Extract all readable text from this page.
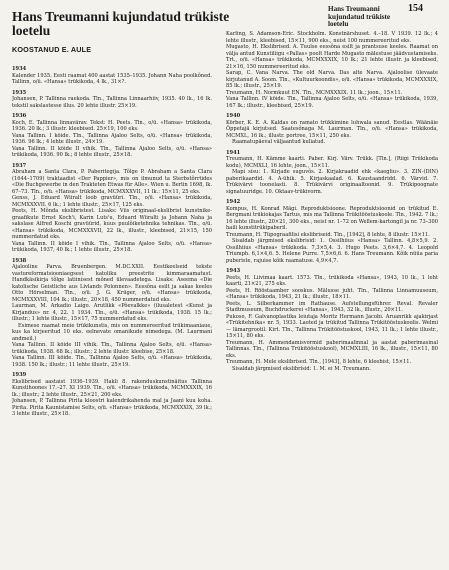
Hans Treumanni kujundatud trükiste loetelu
Hans Treumanni kujundatud trükiste loetelu
154
KOOSTANUD E. AULE
1934
Kalender 1935. Eesti raamat 400 aastat 1535–1935. Johann Naha poolkõned. Tallinn, o/ü. «Hansa» trükikoda, 4 lk., 31×?.
1935
Johansen, P. Tallinna raekoda. Tln., Tallinna Linnaarhiiv, 1935. 40 lk., 16 lk. tekstil sakslastesse illus. 20 lehte illustr. 25×19.
1936
Koch, E. Tallinna linnavärav. Tekst: H. Peets. Tln., o/ü. «Hansa» trükikoda, 1936. 20 lk.; 3 illustr. kleebised. 25×19, 100 eks.
Vana Tallinn. I köide. Tln., Tallinna Ajaloo Selts, o/ü. «Hansa» trükikoda, 1936. 96 lk.; 4 lehte illustr., 24×19.
Vana Tallinn. II köide II vihik. Tln., Tallinna Ajaloo Selts, o/ü. «Hansa» trükikoda, 1936. 90 lk.; 8 lehte illustr., 25×18.
1937
Abraham a Santa Clara, P. Paberitegija. Tõlge P. Abraham a Santa Clara (1644–1709) traktaadist «Der Pappier», mis on ilmunud ta Sterbstõrrtides «Die Buchgewerbe in den Trakteten Etwas für Alle». Wien u. Berlin 1698, lk. 67–73. Tln., o/ü. «Hansa» trükikoda, MCMXXXVII, 11 lk.: 15×11, 25 eks.
Genss, J. Eduard Wiiralt loob gravüüri. Tln., o/ü. «Hansa» trükikoda, MCMXXXVII. 6 lk.; 1 lehte illustr., 25×17, 125 eks.
Peets, H. Mõnda ekslibristest. Lisaks: Viis originaal-ekslibrist kunstnike-graafikute Ernst Koch'i, Karin Luts'u, Eduard Wiiralti ja Johann Naha ja sakslase Alfred Koschi gravüürid, kuus puulõiketehnika tehnikas. Tln., o/ü. «Hansa» trükikoda, MCMXXXVII, 22 lk., illustr., kleebised, 21×15, 150 nummerdatud eks.
Vana Tallinn. II köide I vihik. Tln., Tallinna Ajaloo Selts, o/ü. «Hansa» trükikoda, 1937, 40 lk.; 1 lehte illustr., 25×18.
1938
Ajalooline Parva. Bruenbergen. M.DC.XXII. Eestikeelseid tekste vastureformatsiooniaegsest katoliku preestrite kimmaraamatust. Handkäsikirja tõlge latiinisest mõned ülevaadetega. Lisaks: Aseema «Die katolische Geistliche aus Livlands Polonnen». Eessõna esilt ja sakas keeles Otto Hörselman. Tln., o/ü. J. G. Krüger, o/ü. «Hansa» trükikoda, MCMXXXVIII, 104 lk.; illustr., 20×18, 450 nummerdatud eks.
Laurman, M. Arkadio Laigo. Arutlikk «Põevalkke» (ilusaletest «Kunst ja Kirjandus» nr. 4, 22. 1 1934. Tln., o/ü. «Hansa» trükikoda, 1938. 15 lk.; illustr.; 1 lehte illustr., 15×17, 75 nummerdatud eks.
Esimese raamat meie trükikunstis, mis on nummereeritud trükimaaniaue, kus ka kirjeeritud 10 eks. eelnevate omanikude nimedega. (M. Laurmani andmeil.)
Vana Tallinn. II köide III vihik. Tln., Tallinna Ajaloo Selts, o/ü. «Hansa» trükikoda, 1938. 68 lk.; illustr.; 2 lehte illustr. kleebise, 25×18.
Vana Tallinn. III köide. Tln., Tallinna Ajaloo Selts, o/ü. «Hansa» trükikoda, 1938. 150 lk.; illustr.; 11 lehte illustr., 25×19.
1939
Ekslibrised aastaist 1936–1939. Hakli 8. rakenduskunstinäitus Tallinna Kunstihoones 17.–27. XI 1939. Tln., o/ü. «Hansa» trükikoda, MCMXXXIX, 16 lk.; illustr.; 2 lehte illustr., 25×21, 200 eks.
Johansen, P. Tallinna Pirita kloostri kalendrikahenda mal ja Jaani kuu koha. Pirita. Pirita Kaunistamise Selts, o/ü. «Hansa» trükikoda, MCMXXXIX, 39 lk.; 3 lehte illustr., 25×18.
Karling, S. Adamson-Eric. Stockholm. Konstnärshuset. 4.–18. V 1939. 12 lk.; 4 lehte illustr., kleebised, 15×11, 900 eks., neist 100 nummereeritud eks.
Mugasto, H. Ekslibrised. A. Tuulse eessõna esilt ja prantsuse keeles. Raamat on välja antud Kunstiliigu «Pallas» poolt Harde Mugasto mälestuse jäädvustamiseks. Trt., o/ü. «Hansa» trükikoda, MCMXXXIX, 10 lk.; 21 lehte illustr. ja kleebised, 21×16, 150 nummereeritud eks.
Sarap, C. Vana Narva. The old Narva. Das alte Narva. Ajaloolise ülevaate kirjutanud A. Soom. Tln., «Kultuurkoondis», o/ü. «Hansa» trükikoda, MCMXXXIX, 85 lk.; illustr., 25×19.
Treumann, H. Normkuut EN. Tln., MCMXXXIX. 11 lk.; joon., 15×11.
Vana Tallinn. IV köide. Tln., Tallinna Ajaloo Selts, o/ü. «Hansa» trükikoda, 1939, 167 lk.; illustr., kleebised, 25×19.
1940
Körber, K. E. A. Kaldas on ramato trükkimine luhwala sanud. Eestlas. Wäänäie Öppetajä kirjutsed. Saatesõnaga M. Laurman. Tln., o/ü. «Hansa» trükikoda, MCMXL, 16 lk.; illustr. portree, 15×11, 250 eks.
Raamatupäeval väljaantud kuliatud.
1941
Treumann, H. Kämme kaarti. Paber. Kirj. Värv. Trükk. [Tln.], (Riigi Trükikoda kodu), MCMXLI, 16 lehte, joon., 15×11.
Mapi sisu: 1. Kirjade suguvõs. 2. Kirjakraadid ehk «kaegliu». 3. ZIN-(DIN) paberikaardid. 4. A-ühik. 5. Kirjaskaalad. 6. Kaustaandridd. 6. Värvid. 7. Trükivärvi toonelasti. 8. Trükivärvi originaaltoonid. 9. Trükipoognate signatuuridge. 10. Oktaav-trükivorm.
1942
Kompus, H. Konrad Mägi. Reproduktsioone. Reproduktsioonid on trükitud E. Bergmani trükiokajas Tartus, mis ma Tallinna Trükitööstuskoole. Tln., 1942. 7 lk.; 16 lehte illustr., 20×21, 300 eks., neist nr. 1–72 on Wellem-kartongil ja nr. 73–300 haili kunstitrükipaberil.
Treumann, H. Tüpograafilisi ekslibriseid. Tln., [1942], 8 lehte, 8 illustr. 15×11.
Sisaldab järgmised ekslibrisid: 1. Ossilhiius «Hansa» Tallinn. 4,8×5,9. 2. Ossilhiius «Hansa» trükikoda. 7,3×5,4. 3. Hugo Peets. 3,6×4,7. 4. Leopold Triumph. 6,1×4,6. 5. Helene Purre. 7,5×6,6. 6. Hans Treumann. Kõik nüüa paria puberiste, rajuise kõik raamatuse. 4,9×4,7.
1943
Peets, H. Liivimaa kaart. 1573. Tln., trükikoda «Hansa», 1943, 10 lk., 1 leht kaarti, 21×21, 275 eks.
Peets, H. Rööstaamber sooskus. Mälusse juht. Tln., Tallinna Linnamuuseum, «Hansa» trükikoda, 1943, 21 lk.; illustr., 18×11.
Peets, L. Silberkammer im Rathause. Aufstellungsführer. Reval. Revaler Stadtmuseum, Buchdruckerei «Hansa», 1943, 32 lk., illustr., 20×11.
Pukoso, F. Galvanoplastika leiutaja Moritz Hermann Jacobi. Aruanrikk ajakirjast «Trükitehnika» nr. 5, 1933. Laoted ja trükitud Tallinna Trükitööstuskoolis. Welmi — lämargrootil. Kirt. Tln., Tallinna Trükitööstuskool, 1943, 11 lk.; 1 lehte illustr., 15×11, 80 eks.
Treumann, H. Ammendamisvormid paberimaalinnal ja aastat paberimasinal Tallinnas. Tln., (Tallinna Trükitööstuskool), MCMXLIII, 16 lk., illustr., 15×11, 80 eks.
Treumann, H. Mele ekslibrised. Tln., [1943], 8 lehte, 6 kleebist, 15×11.
Sisaldab järgmised ekslibrisid: 1. M. ei M. Treumann.
